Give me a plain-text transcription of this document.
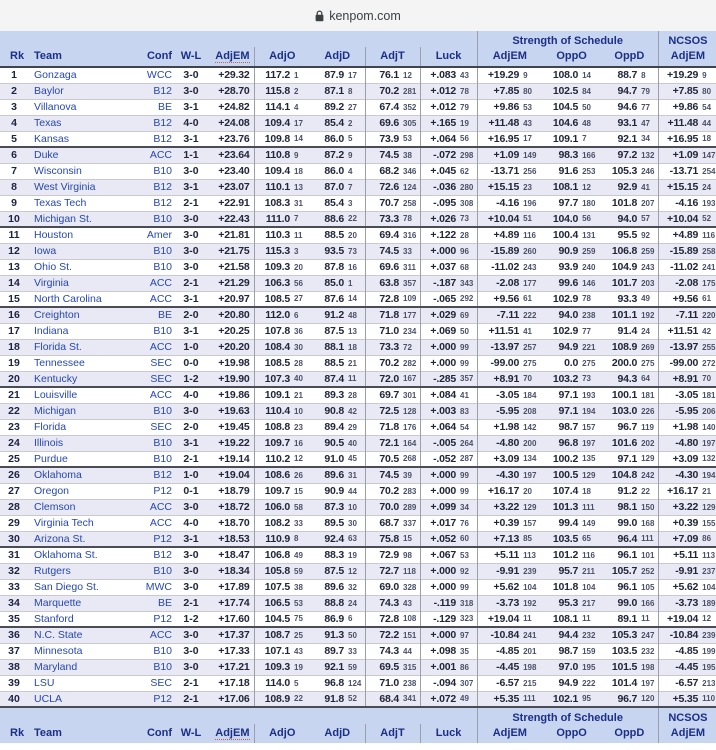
kenpom.com
													Strength of Schedule						NCSOS	
Rk	Team	Conf	W-L	AdjEM	AdjO		AdjD		AdjT		Luck		AdjEM		OppO		OppD		AdjEM	
1	Gonzaga	WCC	3-0	+29.32	117.2	1	87.9	17	76.1	12	+.083	43	+19.29	9	108.0	14	88.7	8	+19.29	9
2	Baylor	B12	3-0	+28.70	115.8	2	87.1	8	70.2	281	+.012	78	+7.85	80	102.5	84	94.7	79	+7.85	80
3	Villanova	BE	3-1	+24.82	114.1	4	89.2	27	67.4	352	+.012	79	+9.86	53	104.5	50	94.6	77	+9.86	54
4	Texas	B12	4-0	+24.08	109.4	17	85.4	2	69.6	305	+.165	19	+11.48	43	104.6	48	93.1	47	+11.48	44
5	Kansas	B12	3-1	+23.76	109.8	14	86.0	5	73.9	53	+.064	56	+16.95	17	109.1	7	92.1	34	+16.95	18
6	Duke	ACC	1-1	+23.64	110.8	9	87.2	9	74.5	38	-.072	298	+1.09	149	98.3	166	97.2	132	+1.09	147
7	Wisconsin	B10	3-0	+23.40	109.4	18	86.0	4	68.2	346	+.045	62	-13.71	256	91.6	253	105.3	246	-13.71	254
8	West Virginia	B12	3-1	+23.07	110.1	13	87.0	7	72.6	124	-.036	280	+15.15	23	108.1	12	92.9	41	+15.15	24
9	Texas Tech	B12	2-1	+22.91	108.3	31	85.4	3	70.7	258	-.095	308	-4.16	196	97.7	180	101.8	207	-4.16	193
10	Michigan St.	B10	3-0	+22.43	111.0	7	88.6	22	73.3	78	+.026	73	+10.04	51	104.0	56	94.0	57	+10.04	52
11	Houston	Amer	3-0	+21.81	110.3	11	88.5	20	69.4	316	+.122	28	+4.89	116	100.4	131	95.5	92	+4.89	116
12	Iowa	B10	3-0	+21.75	115.3	3	93.5	73	74.5	33	+.000	96	-15.89	260	90.9	259	106.8	259	-15.89	258
13	Ohio St.	B10	3-0	+21.58	109.3	20	87.8	16	69.6	311	+.037	68	-11.02	243	93.9	240	104.9	243	-11.02	241
14	Virginia	ACC	2-1	+21.29	106.3	56	85.0	1	63.8	357	-.187	343	-2.08	177	99.6	146	101.7	203	-2.08	175
15	North Carolina	ACC	3-1	+20.97	108.5	27	87.6	14	72.8	109	-.065	292	+9.56	61	102.9	78	93.3	49	+9.56	61
16	Creighton	BE	2-0	+20.80	112.0	6	91.2	48	71.8	177	+.029	69	-7.11	222	94.0	238	101.1	192	-7.11	220
17	Indiana	B10	3-1	+20.25	107.8	36	87.5	13	71.0	234	+.069	50	+11.51	41	102.9	77	91.4	24	+11.51	42
18	Florida St.	ACC	1-0	+20.20	108.4	30	88.1	18	73.3	72	+.000	99	-13.97	257	94.9	221	108.9	269	-13.97	255
19	Tennessee	SEC	0-0	+19.98	108.5	28	88.5	21	70.2	282	+.000	99	-99.00	275	0.0	275	200.0	275	-99.00	272
20	Kentucky	SEC	1-2	+19.90	107.3	40	87.4	11	72.0	167	-.285	357	+8.91	70	103.2	73	94.3	64	+8.91	70
21	Louisville	ACC	4-0	+19.86	109.1	21	89.3	28	69.7	301	+.084	41	-3.05	184	97.1	193	100.1	181	-3.05	181
22	Michigan	B10	3-0	+19.63	110.4	10	90.8	42	72.5	128	+.003	83	-5.95	208	97.1	194	103.0	226	-5.95	206
23	Florida	SEC	2-0	+19.45	108.8	23	89.4	29	71.8	176	+.064	54	+1.98	142	98.7	157	96.7	119	+1.98	140
24	Illinois	B10	3-1	+19.22	109.7	16	90.5	40	72.1	164	-.005	264	-4.80	200	96.8	197	101.6	202	-4.80	197
25	Purdue	B10	2-1	+19.14	110.2	12	91.0	45	70.5	268	-.052	287	+3.09	134	100.2	135	97.1	129	+3.09	132
26	Oklahoma	B12	1-0	+19.04	108.6	26	89.6	31	74.5	39	+.000	99	-4.30	197	100.5	129	104.8	242	-4.30	194
27	Oregon	P12	0-1	+18.79	109.7	15	90.9	44	70.2	283	+.000	99	+16.17	20	107.4	18	91.2	22	+16.17	21
28	Clemson	ACC	3-0	+18.72	106.0	58	87.3	10	70.0	289	+.099	34	+3.22	129	101.3	111	98.1	150	+3.22	129
29	Virginia Tech	ACC	4-0	+18.70	108.2	33	89.5	30	68.7	337	+.017	76	+0.39	157	99.4	149	99.0	168	+0.39	155
30	Arizona St.	P12	3-1	+18.53	110.9	8	92.4	63	75.8	15	+.052	60	+7.13	85	103.5	65	96.4	111	+7.09	86
31	Oklahoma St.	B12	3-0	+18.47	106.8	49	88.3	19	72.9	98	+.067	53	+5.11	113	101.2	116	96.1	101	+5.11	113
32	Rutgers	B10	3-0	+18.34	105.8	59	87.5	12	72.7	118	+.000	92	-9.91	239	95.7	211	105.7	252	-9.91	237
33	San Diego St.	MWC	3-0	+17.89	107.5	38	89.6	32	69.0	328	+.000	99	+5.62	104	101.8	104	96.1	105	+5.62	104
34	Marquette	BE	2-1	+17.74	106.5	53	88.8	24	74.3	43	-.119	318	-3.73	192	95.3	217	99.0	166	-3.73	189
35	Stanford	P12	1-2	+17.60	104.5	75	86.9	6	72.8	108	-.129	323	+19.04	11	108.1	11	89.1	11	+19.04	12
36	N.C. State	ACC	3-0	+17.37	108.7	25	91.3	50	72.2	151	+.000	97	-10.84	241	94.4	232	105.3	247	-10.84	239
37	Minnesota	B10	3-0	+17.33	107.1	43	89.7	33	74.3	44	+.098	35	-4.85	201	98.7	159	103.5	232	-4.85	199
38	Maryland	B10	3-0	+17.21	109.3	19	92.1	59	69.5	315	+.001	86	-4.45	198	97.0	195	101.5	198	-4.45	195
39	LSU	SEC	2-1	+17.18	114.0	5	96.8	124	71.0	238	-.094	307	-6.57	215	94.9	222	101.4	197	-6.57	213
40	UCLA	P12	2-1	+17.06	108.9	22	91.8	52	68.4	341	+.072	49	+5.35	111	102.1	95	96.7	120	+5.35	110
													Strength of Schedule						NCSOS	
Rk	Team	Conf	W-L	AdjEM	AdjO		AdjD		AdjT		Luck		AdjEM		OppO		OppD		AdjEM	
